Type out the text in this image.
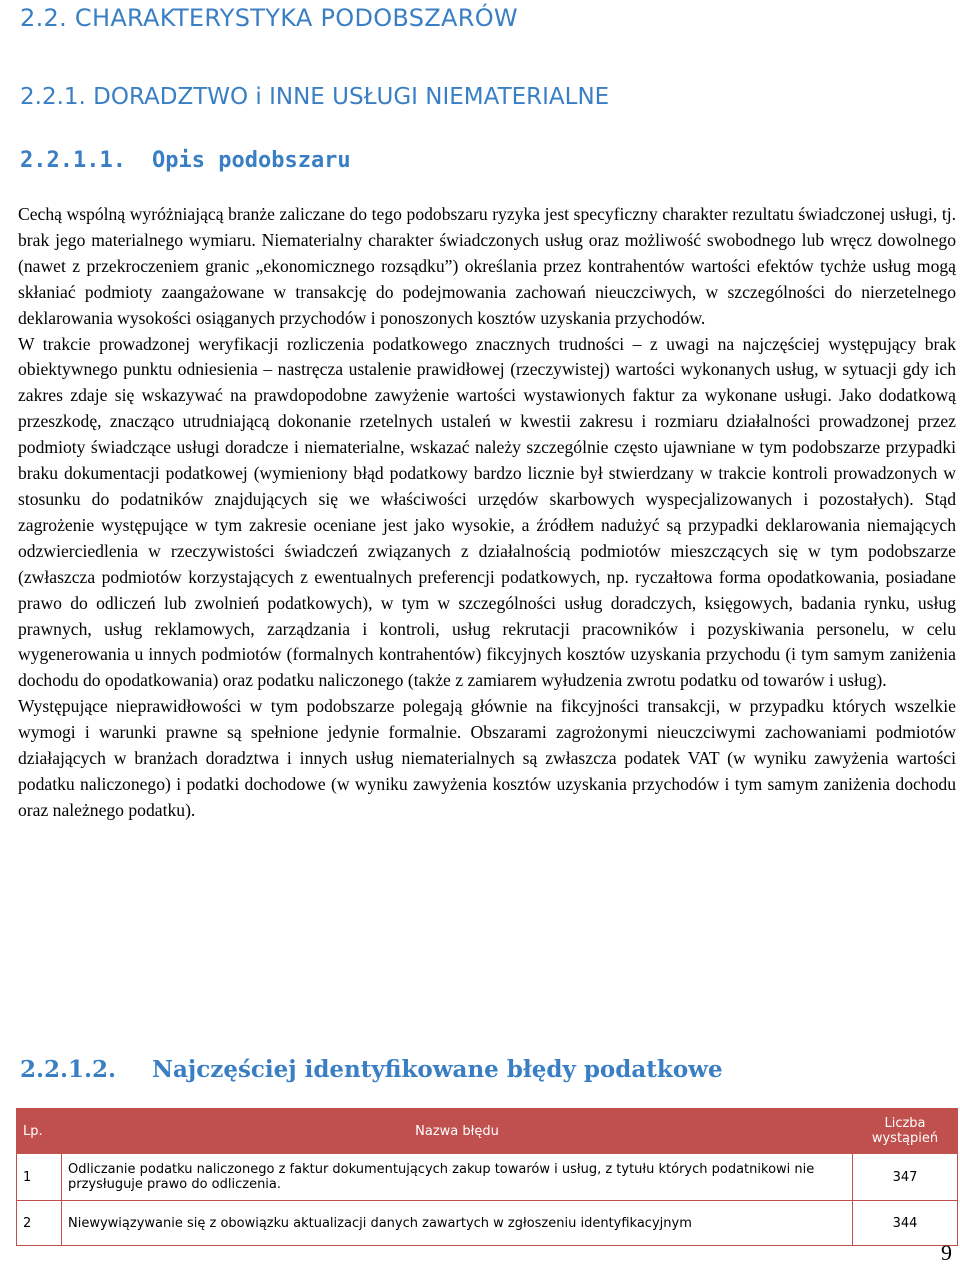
2.2. CHARAKTERYSTYKA PODOBSZARÓW
2.2.1. DORADZTWO i INNE USŁUGI NIEMATERIALNE
2.2.1.1. Opis podobszaru

Cechą wspólną wyróżniającą branże zaliczane do tego podobszaru ryzyka jest specyficzny charakter rezultatu świadczonej usługi, tj. brak jego materialnego wymiaru. Niematerialny charakter świadczonych usług oraz możliwość swobodnego lub wręcz dowolnego (nawet z przekroczeniem granic „ekonomicznego rozsądku”) określania przez kontrahentów wartości efektów tychże usług mogą skłaniać podmioty zaangażowane w transakcję do podejmowania zachowań nieuczciwych, w szczególności do nierzetelnego deklarowania wysokości osiąganych przychodów i ponoszonych kosztów uzyskania przychodów.

W trakcie prowadzonej weryfikacji rozliczenia podatkowego znacznych trudności – z uwagi na najczęściej występujący brak obiektywnego punktu odniesienia – nastręcza ustalenie prawidłowej (rzeczywistej) wartości wykonanych usług, w sytuacji gdy ich zakres zdaje się wskazywać na prawdopodobne zawyżenie wartości wystawionych faktur za wykonane usługi. Jako dodatkową przeszkodę, znacząco utrudniającą dokonanie rzetelnych ustaleń w kwestii zakresu i rozmiaru działalności prowadzonej przez podmioty świadczące usługi doradcze i niematerialne, wskazać należy szczególnie często ujawniane w tym podobszarze przypadki braku dokumentacji podatkowej (wymieniony błąd podatkowy bardzo licznie był stwierdzany w trakcie kontroli prowadzonych w stosunku do podatników znajdujących się we właściwości urzędów skarbowych wyspecjalizowanych i pozostałych). Stąd zagrożenie występujące w tym zakresie oceniane jest jako wysokie, a źródłem nadużyć są przypadki deklarowania niemających odzwierciedlenia w rzeczywistości świadczeń związanych z działalnością podmiotów mieszczących się w tym podobszarze (zwłaszcza podmiotów korzystających z ewentualnych preferencji podatkowych, np. ryczałtowa forma opodatkowania, posiadane prawo do odliczeń lub zwolnień podatkowych), w tym w szczególności usług doradczych, księgowych, badania rynku, usług prawnych, usług reklamowych, zarządzania i kontroli, usług rekrutacji pracowników i pozyskiwania personelu, w celu wygenerowania u innych podmiotów (formalnych kontrahentów) fikcyjnych kosztów uzyskania przychodu (i tym samym zaniżenia dochodu do opodatkowania) oraz podatku naliczonego (także z zamiarem wyłudzenia zwrotu podatku od towarów i usług).

Występujące nieprawidłowości w tym podobszarze polegają głównie na fikcyjności transakcji, w przypadku których wszelkie wymogi i warunki prawne są spełnione jedynie formalnie. Obszarami zagrożonymi nieuczciwymi zachowaniami podmiotów działających w branżach doradztwa i innych usług niematerialnych są zwłaszcza podatek VAT (w wyniku zawyżenia wartości podatku naliczonego) i podatki dochodowe (w wyniku zawyżenia kosztów uzyskania przychodów i tym samym zaniżenia dochodu oraz należnego podatku).

2.2.1.2. Najczęściej identyfikowane błędy podatkowe
Lp.	Nazwa błędu	Liczba wystąpień
1	Odliczanie podatku naliczonego z faktur dokumentujących zakup towarów i usług, z tytułu których podatnikowi nie przysługuje prawo do odliczenia.	347
2	Niewywiązywanie się z obowiązku aktualizacji danych zawartych w zgłoszeniu identyfikacyjnym	344
9
